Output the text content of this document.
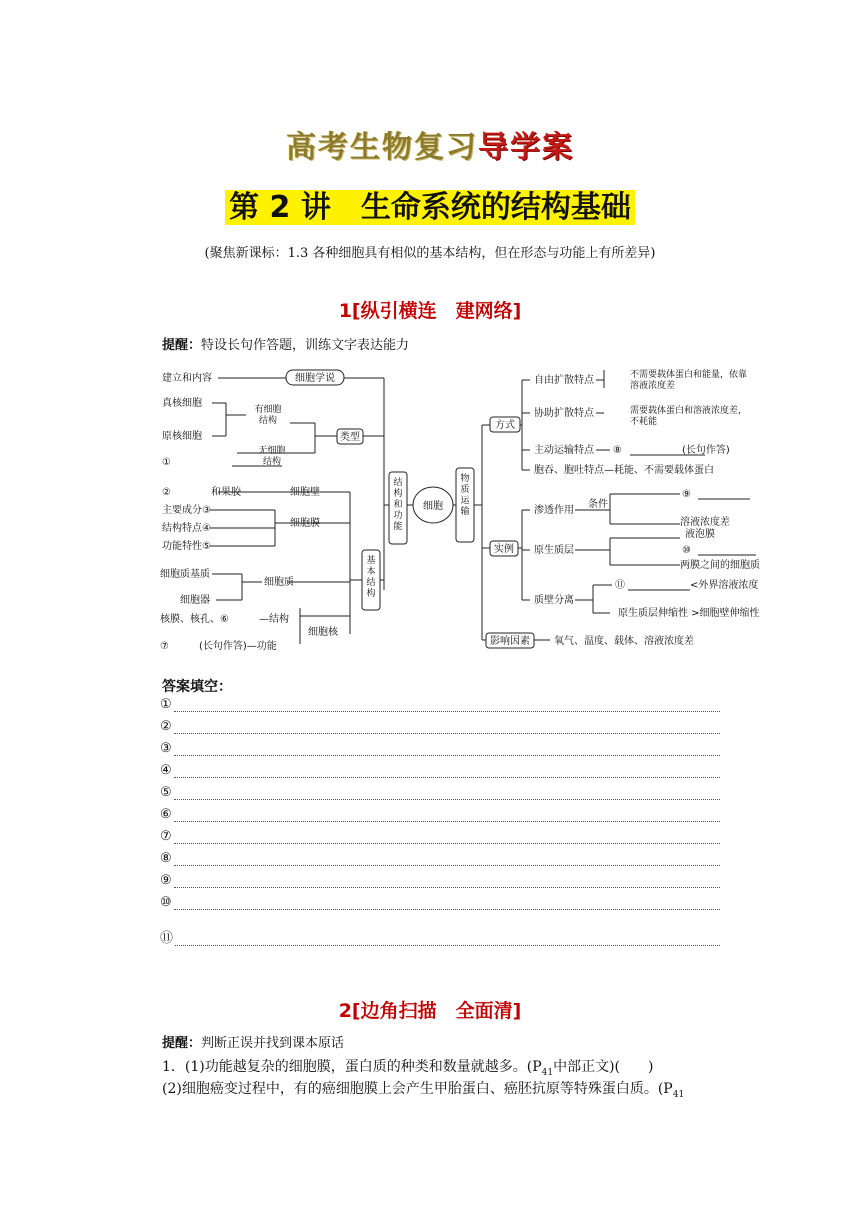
高考生物复习导学案
第 2 讲　生命系统的结构基础
(聚焦新课标：1.3 各种细胞具有相似的基本结构，但在形态与功能上有所差异)
1[纵引横连　建网络]
提醒：特设长句作答题，训练文字表达能力
细胞
结构和功能
物质运输
基本结构
建立和内容	细胞学说
类型
真核细胞
原核细胞
有细胞结构
无细胞结构
①
②　　　　和果胶	细胞壁
主要成分③
结构特点④
功能特性⑤
细胞膜
细胞质基质
细胞器
细胞质
核膜、核孔、⑥　　　—结构
⑦　　　(长句作答)—功能
细胞核
方式
自由扩散特点	不需要载体蛋白和能量，依靠溶液浓度差
协助扩散特点	需要载体蛋白和溶液浓度差，不耗能
主动运输特点 ⑧　　　　　　(长句作答)
胞吞、胞吐特点—耗能、不需要载体蛋白
实例
渗透作用
条件
⑨
溶液浓度差
液泡膜
原生质层	⑩
两膜之间的细胞质
质壁分离
⑪	<外界溶液浓度
原生质层伸缩性 >细胞壁伸缩性
影响因素 氧气、温度、载体、溶液浓度差
答案填空：
①
②
③
④
⑤
⑥
⑦
⑧
⑨
⑩
⑪
2[边角扫描　全面清]
提醒：判断正误并找到课本原话
1．(1)功能越复杂的细胞膜，蛋白质的种类和数量就越多。($P_{41}$中部正文)(　　)
(2)细胞癌变过程中，有的癌细胞膜上会产生甲胎蛋白、癌胚抗原等特殊蛋白质。($P_{41}$
